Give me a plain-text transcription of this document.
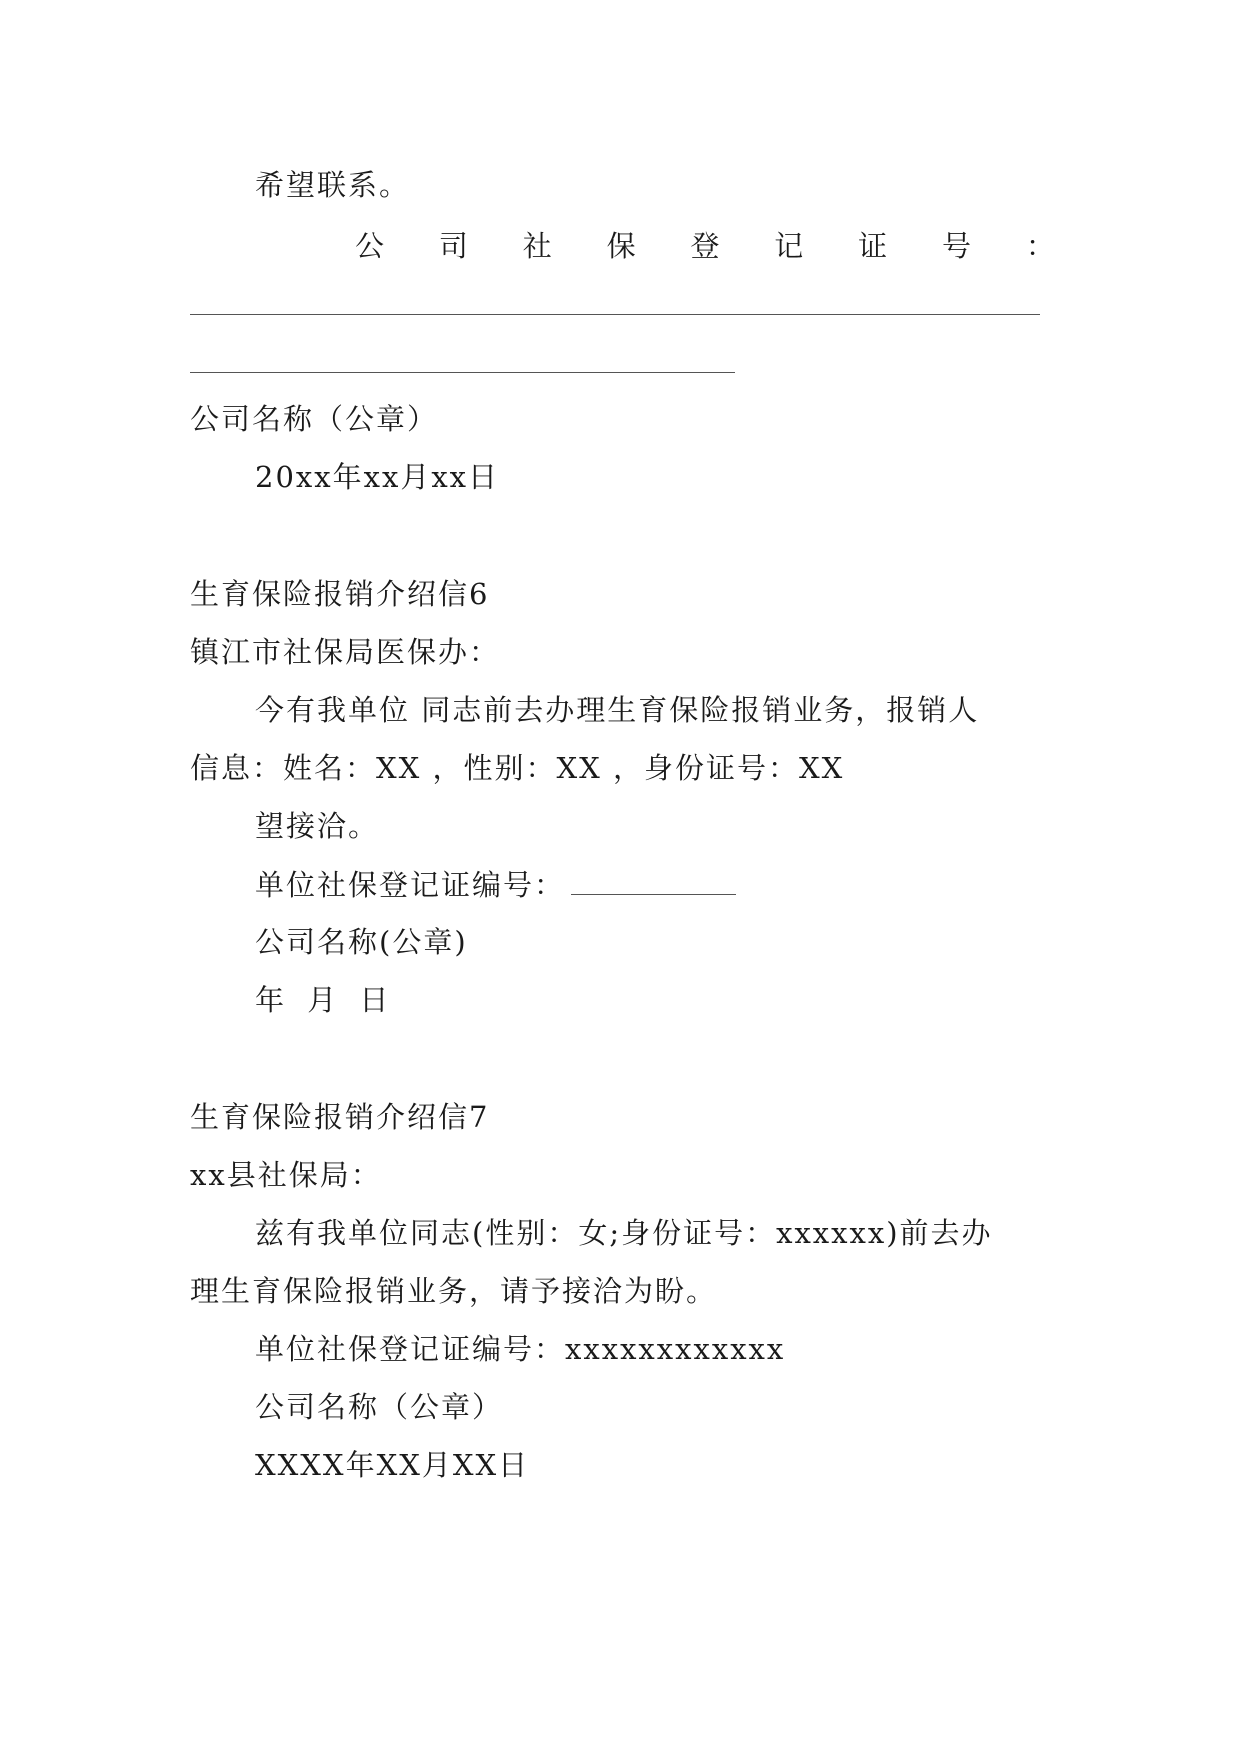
希望联系。
公 司 社 保 登 记 证 号 ：
公司名称（公章）
20xx年xx月xx日
生育保险报销介绍信6
镇江市社保局医保办：
今有我单位 同志前去办理生育保险报销业务，报销人
信息：姓名：XX ，性别：XX ，身份证号：XX
望接洽。
单位社保登记证编号：
公司名称(公章)
年 月 日
生育保险报销介绍信7
xx县社保局：
兹有我单位同志(性别：女;身份证号：xxxxxx)前去办
理生育保险报销业务，请予接洽为盼。
单位社保登记证编号：xxxxxxxxxxxx
公司名称（公章）
XXXX年XX月XX日
